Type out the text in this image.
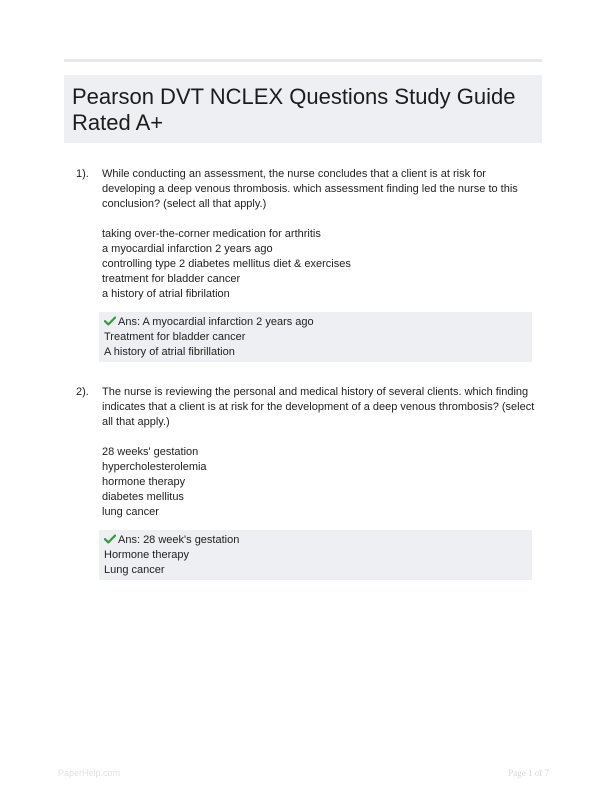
Pearson DVT NCLEX Questions Study Guide Rated A+
1). While conducting an assessment, the nurse concludes that a client is at risk for developing a deep venous thrombosis. which assessment finding led the nurse to this conclusion? (select all that apply.)
taking over-the-corner medication for arthritis
a myocardial infarction 2 years ago
controlling type 2 diabetes mellitus diet & exercises
treatment for bladder cancer
a history of atrial fibrilation
Ans: A myocardial infarction 2 years ago
Treatment for bladder cancer
A history of atrial fibrillation
2). The nurse is reviewing the personal and medical history of several clients. which finding indicates that a client is at risk for the development of a deep venous thrombosis? (select all that apply.)
28 weeks' gestation
hypercholesterolemia
hormone therapy
diabetes mellitus
lung cancer
Ans: 28 week's gestation
Hormone therapy
Lung cancer
PaperHelp.com	Page 1 of 7
